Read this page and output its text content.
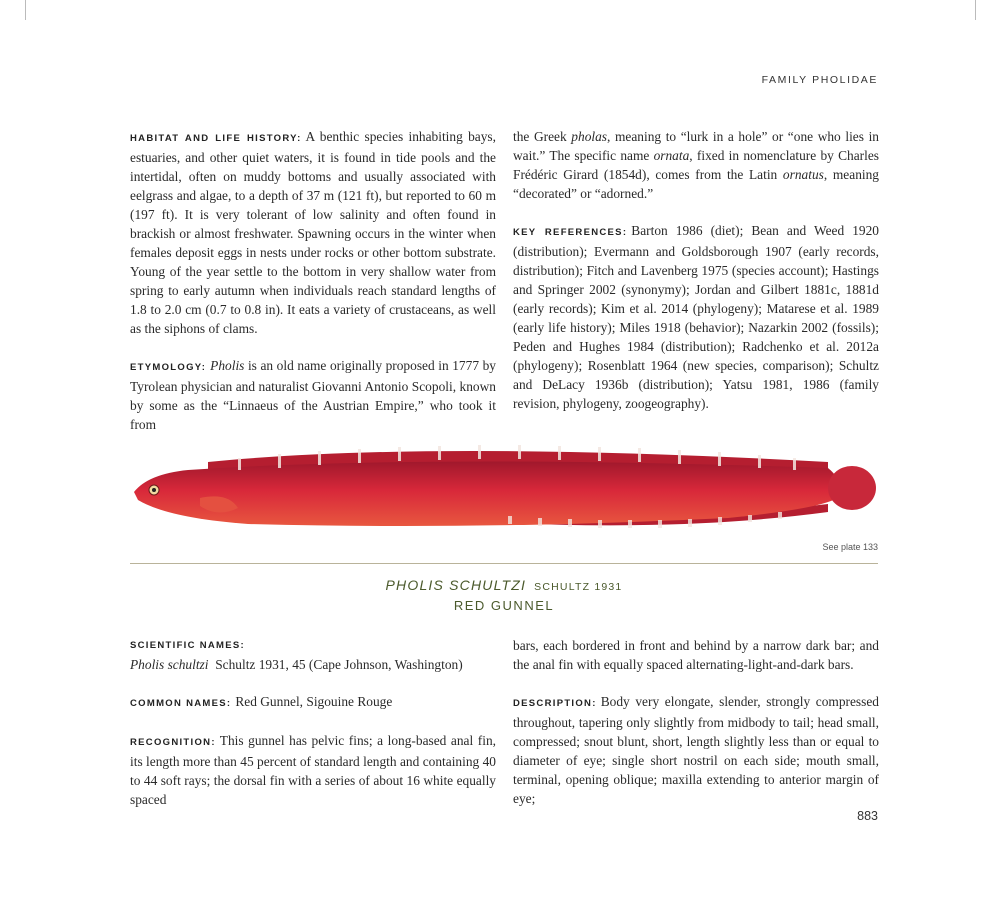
FAMILY PHOLIDAE

HABITAT AND LIFE HISTORY: A benthic species inhabiting bays, estuaries, and other quiet waters, it is found in tide pools and the intertidal, often on muddy bottoms and usually associated with eelgrass and algae, to a depth of 37 m (121 ft), but reported to 60 m (197 ft). It is very tolerant of low salinity and often found in brackish or almost freshwater. Spawning occurs in the winter when females deposit eggs in nests under rocks or other bottom substrate. Young of the year settle to the bottom in very shallow water from spring to early autumn when individuals reach standard lengths of 1.8 to 2.0 cm (0.7 to 0.8 in). It eats a variety of crustaceans, as well as the siphons of clams.

ETYMOLOGY: Pholis is an old name originally proposed in 1777 by Tyrolean physician and naturalist Giovanni Antonio Scopoli, known by some as the “Linnaeus of the Austrian Empire,” who took it from

the Greek pholas, meaning to “lurk in a hole” or “one who lies in wait.” The specific name ornata, fixed in nomenclature by Charles Frédéric Girard (1854d), comes from the Latin ornatus, meaning “decorated” or “adorned.”

KEY REFERENCES: Barton 1986 (diet); Bean and Weed 1920 (distribution); Evermann and Goldsborough 1907 (early records, distribution); Fitch and Lavenberg 1975 (species account); Hastings and Springer 2002 (synonymy); Jordan and Gilbert 1881c, 1881d (early records); Kim et al. 2014 (phylogeny); Matarese et al. 1989 (early life history); Miles 1918 (behavior); Nazarkin 2002 (fossils); Peden and Hughes 1984 (distribution); Radchenko et al. 2012a (phylogeny); Rosenblatt 1964 (new species, comparison); Schultz and DeLacy 1936b (distribution); Yatsu 1981, 1986 (family revision, phylogeny, zoogeography).

See plate 133
PHOLIS SCHULTZI SCHULTZ 1931
RED GUNNEL

SCIENTIFIC NAMES:
Pholis schultzi Schultz 1931, 45 (Cape Johnson, Washington)

COMMON NAMES: Red Gunnel, Sigouine Rouge

RECOGNITION: This gunnel has pelvic fins; a long-based anal fin, its length more than 45 percent of standard length and containing 40 to 44 soft rays; the dorsal fin with a series of about 16 white equally spaced

bars, each bordered in front and behind by a narrow dark bar; and the anal fin with equally spaced alternating-light-and-dark bars.

DESCRIPTION: Body very elongate, slender, strongly compressed throughout, tapering only slightly from midbody to tail; head small, compressed; snout blunt, short, length slightly less than or equal to diameter of eye; single short nostril on each side; mouth small, terminal, opening oblique; maxilla extending to anterior margin of eye;

883
